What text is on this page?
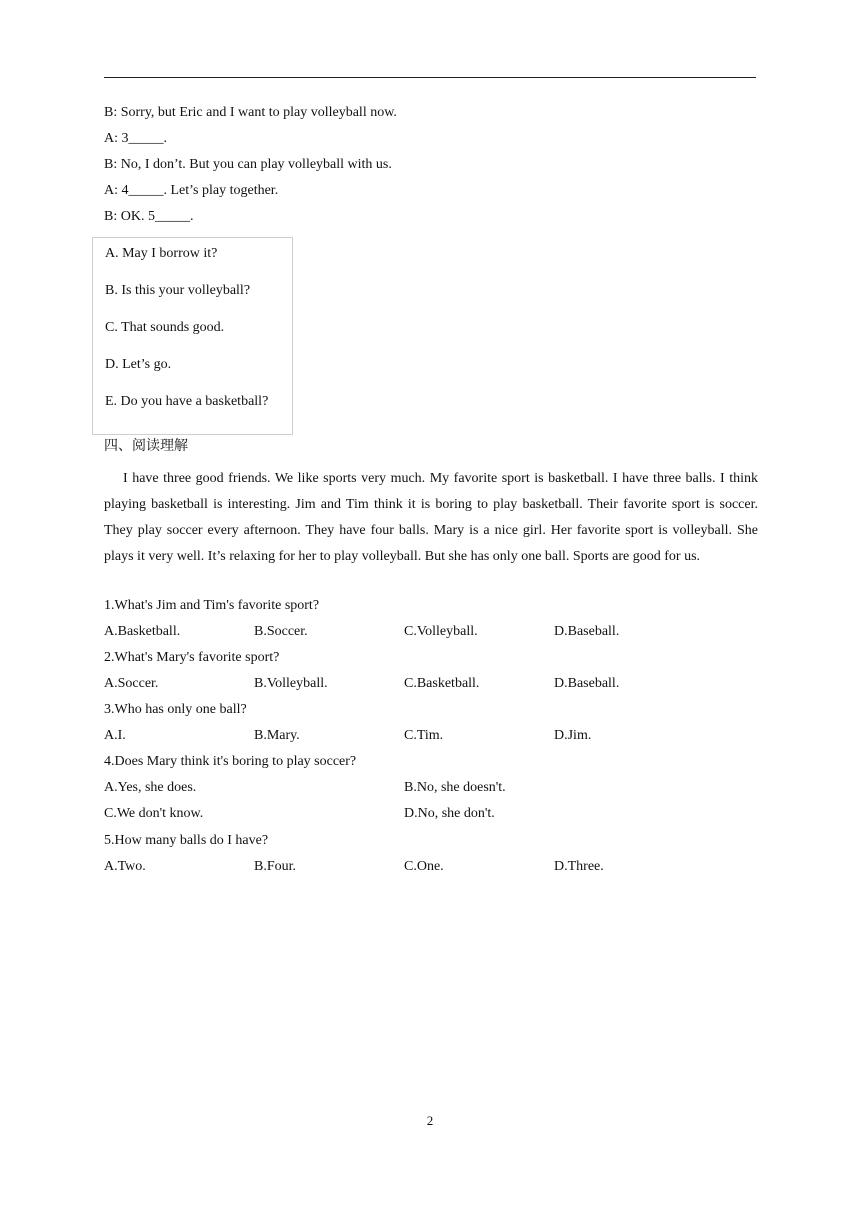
B: Sorry, but Eric and I want to play volleyball now.
A: 3_____.
B: No, I don’t. But you can play volleyball with us.
A: 4_____. Let’s play together.
B: OK. 5_____.
A. May I borrow it?
B. Is this your volleyball?
C. That sounds good.
D. Let’s go.
E. Do you have a basketball?
四、阅读理解
I have three good friends. We like sports very much. My favorite sport is basketball. I have three balls. I think playing basketball is interesting. Jim and Tim think it is boring to play basketball. Their favorite sport is soccer. They play soccer every afternoon. They have four balls. Mary is a nice girl. Her favorite sport is volleyball. She plays it very well. It’s relaxing for her to play volleyball. But she has only one ball. Sports are good for us.
1.What's Jim and Tim's favorite sport?
A.Basketball.	B.Soccer.	C.Volleyball.	D.Baseball.
2.What's Mary's favorite sport?
A.Soccer.	B.Volleyball.	C.Basketball.	D.Baseball.
3.Who has only one ball?
A.I.	B.Mary.	C.Tim.	D.Jim.
4.Does Mary think it's boring to play soccer?
A.Yes, she does.	B.No, she doesn't.
C.We don't know.	D.No, she don't.
5.How many balls do I have?
A.Two.	B.Four.	C.One.	D.Three.
2
